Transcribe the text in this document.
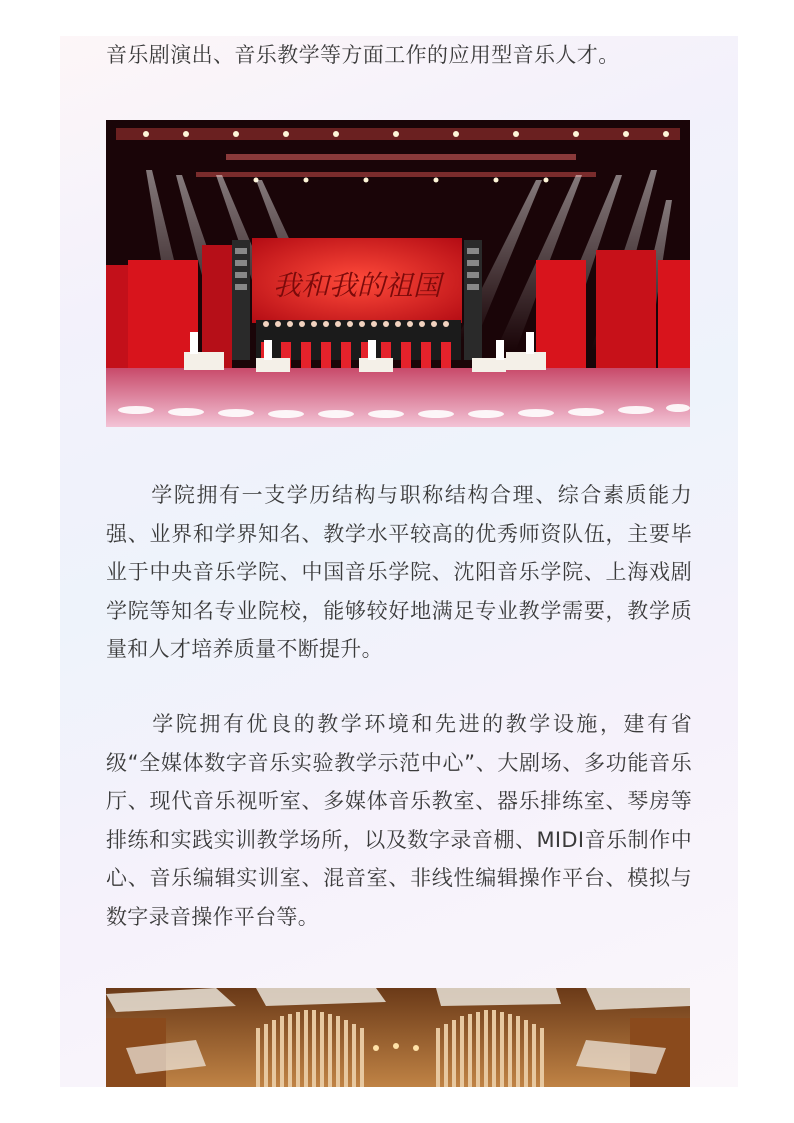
音乐剧演出、音乐教学等方面工作的应用型音乐人才。

我和我的祖国

学院拥有一支学历结构与职称结构合理、综合素质能力强、业界和学界知名、教学水平较高的优秀师资队伍，主要毕业于中央音乐学院、中国音乐学院、沈阳音乐学院、上海戏剧学院等知名专业院校，能够较好地满足专业教学需要，教学质量和人才培养质量不断提升。

学院拥有优良的教学环境和先进的教学设施，建有省级“全媒体数字音乐实验教学示范中心”、大剧场、多功能音乐厅、现代音乐视听室、多媒体音乐教室、器乐排练室、琴房等排练和实践实训教学场所，以及数字录音棚、MIDI音乐制作中心、音乐编辑实训室、混音室、非线性编辑操作平台、模拟与数字录音操作平台等。
